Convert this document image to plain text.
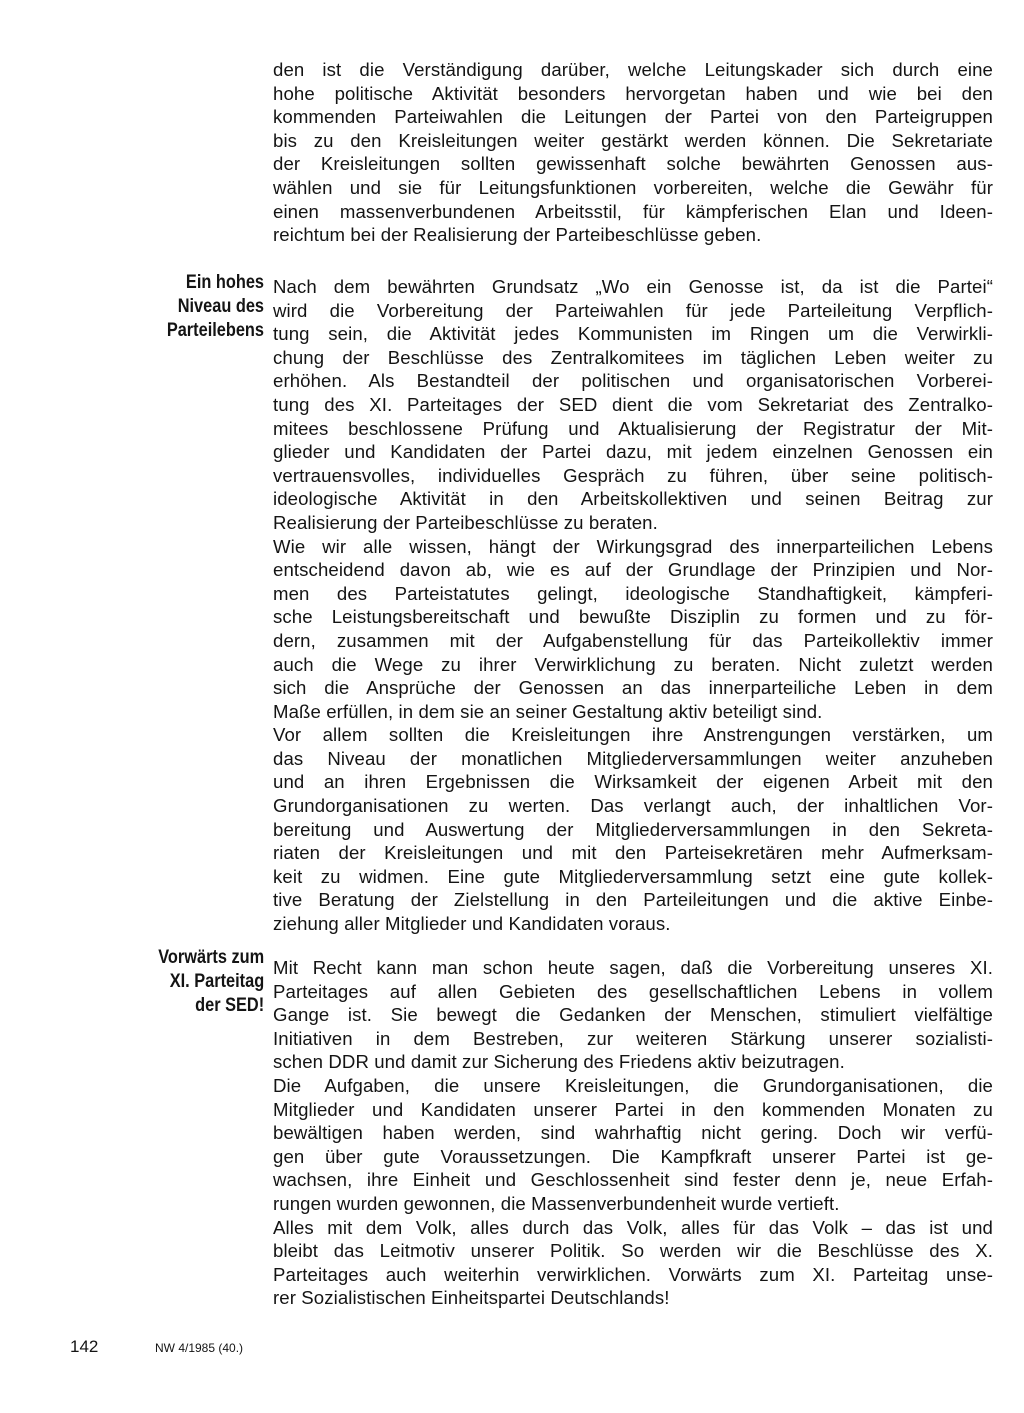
den ist die Verständigung darüber, welche Leitungskader sich durch eine
hohe politische Aktivität besonders hervorgetan haben und wie bei den
kommenden Parteiwahlen die Leitungen der Partei von den Parteigruppen
bis zu den Kreisleitungen weiter gestärkt werden können. Die Sekretariate
der Kreisleitungen sollten gewissenhaft solche bewährten Genossen aus-
wählen und sie für Leitungsfunktionen vorbereiten, welche die Gewähr für
einen massenverbundenen Arbeitsstil, für kämpferischen Elan und Ideen-
reichtum bei der Realisierung der Parteibeschlüsse geben.
Ein hohes
Niveau des
Parteilebens
Nach dem bewährten Grundsatz „Wo ein Genosse ist, da ist die Partei“
wird die Vorbereitung der Parteiwahlen für jede Parteileitung Verpflich-
tung sein, die Aktivität jedes Kommunisten im Ringen um die Verwirkli-
chung der Beschlüsse des Zentralkomitees im täglichen Leben weiter zu
erhöhen. Als Bestandteil der politischen und organisatorischen Vorberei-
tung des XI. Parteitages der SED dient die vom Sekretariat des Zentralko-
mitees beschlossene Prüfung und Aktualisierung der Registratur der Mit-
glieder und Kandidaten der Partei dazu, mit jedem einzelnen Genossen ein
vertrauensvolles, individuelles Gespräch zu führen, über seine politisch-
ideologische Aktivität in den Arbeitskollektiven und seinen Beitrag zur
Realisierung der Parteibeschlüsse zu beraten.
Wie wir alle wissen, hängt der Wirkungsgrad des innerparteilichen Lebens
entscheidend davon ab, wie es auf der Grundlage der Prinzipien und Nor-
men des Parteistatutes gelingt, ideologische Standhaftigkeit, kämpferi-
sche Leistungsbereitschaft und bewußte Disziplin zu formen und zu för-
dern, zusammen mit der Aufgabenstellung für das Parteikollektiv immer
auch die Wege zu ihrer Verwirklichung zu beraten. Nicht zuletzt werden
sich die Ansprüche der Genossen an das innerparteiliche Leben in dem
Maße erfüllen, in dem sie an seiner Gestaltung aktiv beteiligt sind.
Vor allem sollten die Kreisleitungen ihre Anstrengungen verstärken, um
das Niveau der monatlichen Mitgliederversammlungen weiter anzuheben
und an ihren Ergebnissen die Wirksamkeit der eigenen Arbeit mit den
Grundorganisationen zu werten. Das verlangt auch, der inhaltlichen Vor-
bereitung und Auswertung der Mitgliederversammlungen in den Sekreta-
riaten der Kreisleitungen und mit den Parteisekretären mehr Aufmerksam-
keit zu widmen. Eine gute Mitgliederversammlung setzt eine gute kollek-
tive Beratung der Zielstellung in den Parteileitungen und die aktive Einbe-
ziehung aller Mitglieder und Kandidaten voraus.
Vorwärts zum
XI. Parteitag
der SED!
Mit Recht kann man schon heute sagen, daß die Vorbereitung unseres XI.
Parteitages auf allen Gebieten des gesellschaftlichen Lebens in vollem
Gange ist. Sie bewegt die Gedanken der Menschen, stimuliert vielfältige
Initiativen in dem Bestreben, zur weiteren Stärkung unserer sozialisti-
schen DDR und damit zur Sicherung des Friedens aktiv beizutragen.
Die Aufgaben, die unsere Kreisleitungen, die Grundorganisationen, die
Mitglieder und Kandidaten unserer Partei in den kommenden Monaten zu
bewältigen haben werden, sind wahrhaftig nicht gering. Doch wir verfü-
gen über gute Voraussetzungen. Die Kampfkraft unserer Partei ist ge-
wachsen, ihre Einheit und Geschlossenheit sind fester denn je, neue Erfah-
rungen wurden gewonnen, die Massenverbundenheit wurde vertieft.
Alles mit dem Volk, alles durch das Volk, alles für das Volk – das ist und
bleibt das Leitmotiv unserer Politik. So werden wir die Beschlüsse des X.
Parteitages auch weiterhin verwirklichen. Vorwärts zum XI. Parteitag unse-
rer Sozialistischen Einheitspartei Deutschlands!
142	NW 4/1985 (40.)
